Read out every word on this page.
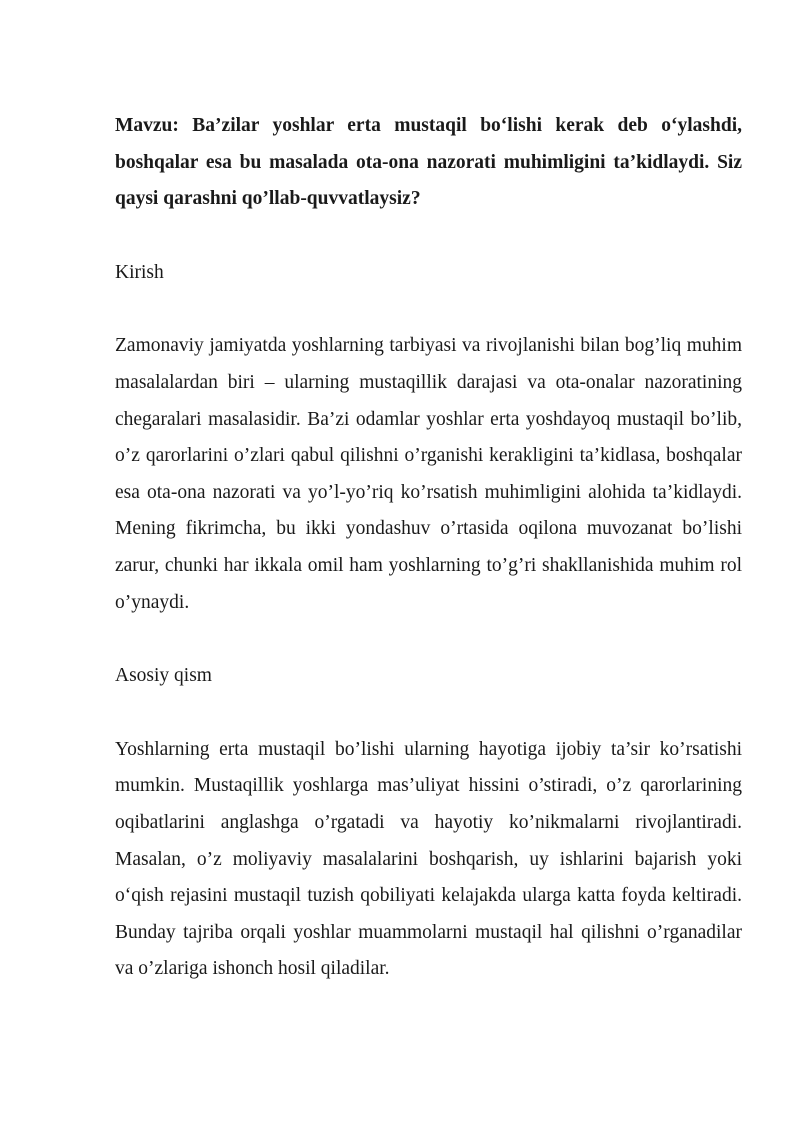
Mavzu: Ba’zilar yoshlar erta mustaqil bo‘lishi kerak deb o‘ylashdi, boshqalar esa bu masalada ota-ona nazorati muhimligini ta’kidlaydi. Siz qaysi qarashni qo’llab-quvvatlaysiz?

Kirish

Zamonaviy jamiyatda yoshlarning tarbiyasi va rivojlanishi bilan bog’liq muhim masalalardan biri – ularning mustaqillik darajasi va ota-onalar nazoratining chegaralari masalasidir. Ba’zi odamlar yoshlar erta yoshdayoq mustaqil bo’lib, o’z qarorlarini o’zlari qabul qilishni o’rganishi kerakligini ta’kidlasa, boshqalar esa ota-ona nazorati va yo’l-yo’riq ko’rsatish muhimligini alohida ta’kidlaydi. Mening fikrimcha, bu ikki yondashuv o’rtasida oqilona muvozanat bo’lishi zarur, chunki har ikkala omil ham yoshlarning to’g’ri shakllanishida muhim rol o’ynaydi.

Asosiy qism

Yoshlarning erta mustaqil bo’lishi ularning hayotiga ijobiy ta’sir ko’rsatishi mumkin. Mustaqillik yoshlarga mas’uliyat hissini o’stiradi, o’z qarorlarining oqibatlarini anglashga o’rgatadi va hayotiy ko’nikmalarni rivojlantiradi. Masalan, o’z moliyaviy masalalarini boshqarish, uy ishlarini bajarish yoki o‘qish rejasini mustaqil tuzish qobiliyati kelajakda ularga katta foyda keltiradi. Bunday tajriba orqali yoshlar muammolarni mustaqil hal qilishni o’rganadilar va o’zlariga ishonch hosil qiladilar.
